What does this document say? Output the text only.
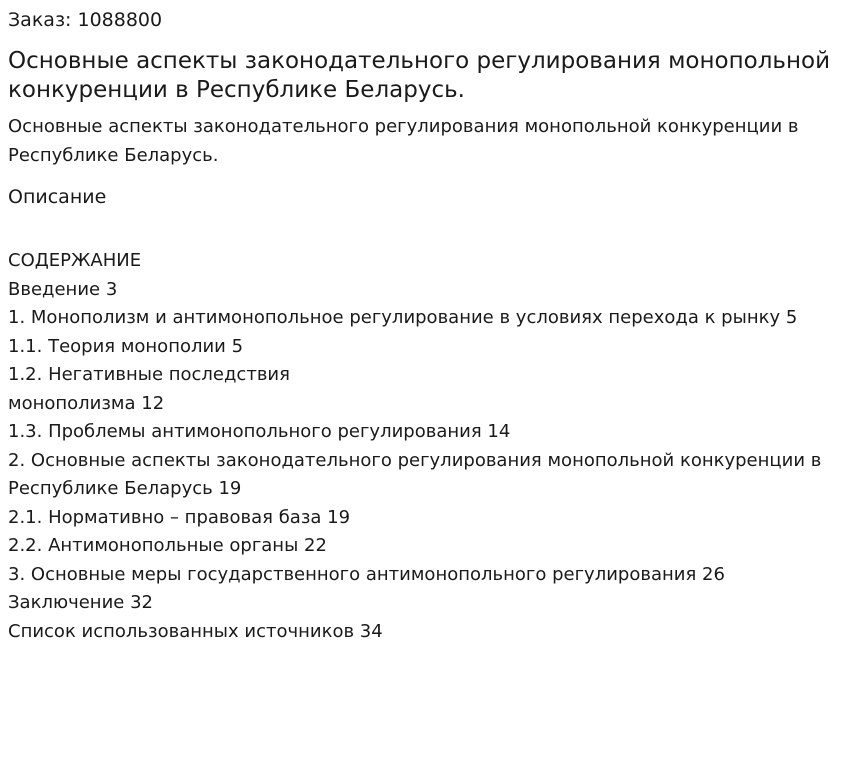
Заказ: 1088800

Основные аспекты законодательного регулирования монопольной конкуренции в Республике Беларусь.

Основные аспекты законодательного регулирования монопольной конкуренции в Республике Беларусь.

Описание

СОДЕРЖАНИЕ

Введение 3

1. Монополизм и антимонопольное регулирование в условиях перехода к рынку 5

1.1. Теория монополии 5

1.2. Негативные последствия

монополизма 12

1.3. Проблемы антимонопольного регулирования 14

2. Основные аспекты законодательного регулирования монопольной конкуренции в Республике Беларусь 19

2.1. Нормативно – правовая база 19

2.2. Антимонопольные органы 22

3. Основные меры государственного антимонопольного регулирования 26

Заключение 32

Список использованных источников 34
